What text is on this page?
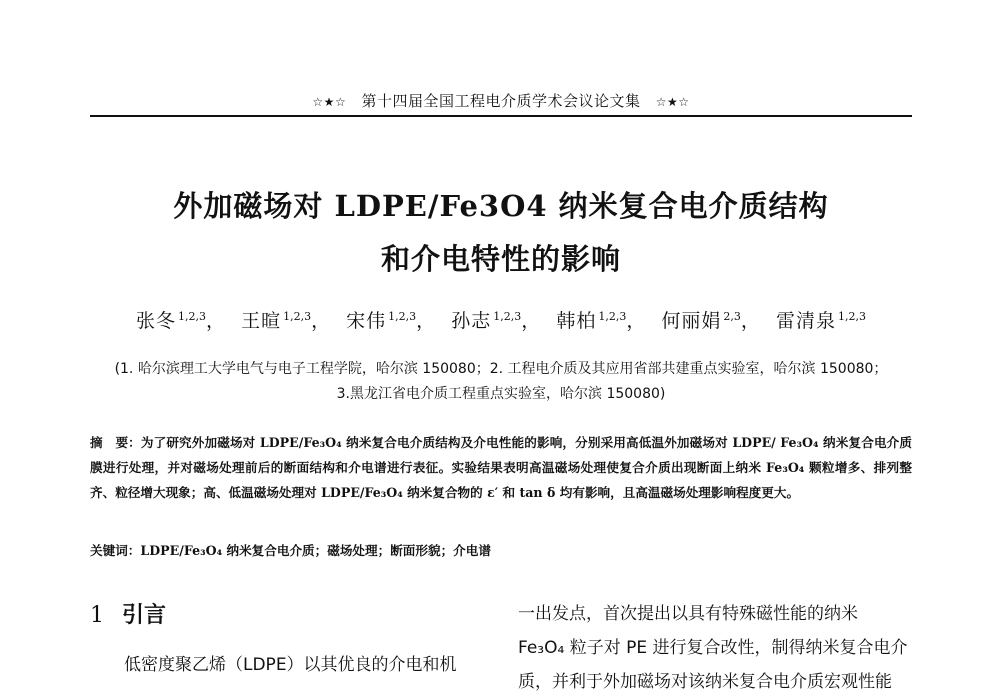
☆★☆ 第十四届全国工程电介质学术会议论文集 ☆★☆
外加磁场对 LDPE/Fe3O4 纳米复合电介质结构
和介电特性的影响
张冬 $^{1,2,3}$， 王暄 $^{1,2,3}$， 宋伟 $^{1,2,3}$， 孙志 $^{1,2,3}$， 韩柏 $^{1,2,3}$， 何丽娟 $^{2,3}$， 雷清泉 $^{1,2,3}$
(1. 哈尔滨理工大学电气与电子工程学院，哈尔滨 150080；2. 工程电介质及其应用省部共建重点实验室，哈尔滨 150080；
3.黑龙江省电介质工程重点实验室，哈尔滨 150080)
摘　要：为了研究外加磁场对 LDPE/Fe₃O₄ 纳米复合电介质结构及介电性能的影响，分别采用高低温外加磁场对 LDPE/ Fe₃O₄ 纳米复合电介质膜进行处理，并对磁场处理前后的断面结构和介电谱进行表征。实验结果表明高温磁场处理使复合介质出现断面上纳米 Fe₃O₄ 颗粒增多、排列整齐、粒径增大现象；高、低温磁场处理对 LDPE/Fe₃O₄ 纳米复合物的 ε′ 和 tan δ 均有影响，且高温磁场处理影响程度更大。
关键词：LDPE/Fe₃O₄ 纳米复合电介质；磁场处理；断面形貌；介电谱
1 引言
低密度聚乙烯（LDPE）以其优良的介电和机
一出发点，首次提出以具有特殊磁性能的纳米
Fe₃O₄ 粒子对 PE 进行复合改性，制得纳米复合电介
质，并利于外加磁场对该纳米复合电介质宏观性能
